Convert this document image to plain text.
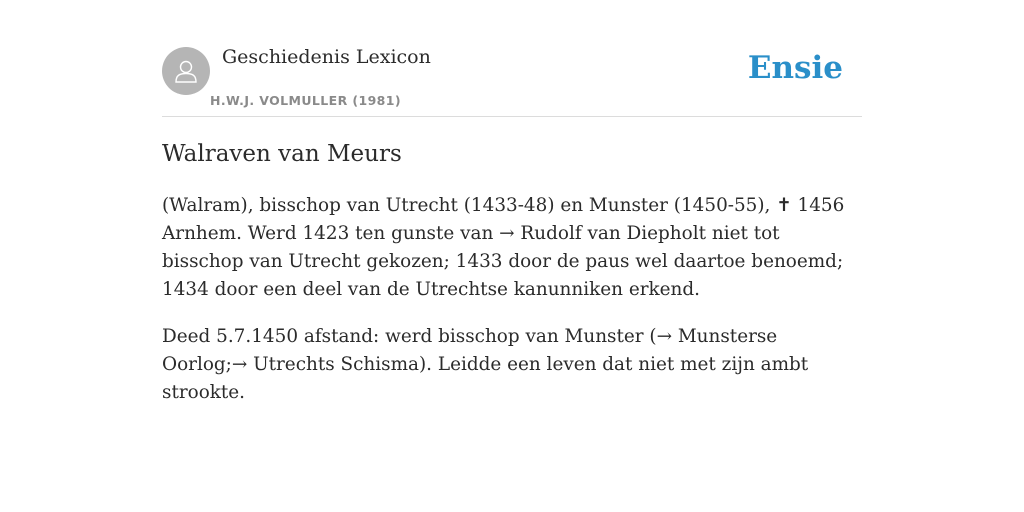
Geschiedenis Lexicon
H.W.J. VOLMULLER (1981)
Ensie
Walraven van Meurs

(Walram), bisschop van Utrecht (1433-48) en Munster (1450-55), ✝ 1456 Arnhem. Werd 1423 ten gunste van → Rudolf van Diepholt niet tot bisschop van Utrecht gekozen; 1433 door de paus wel daartoe benoemd; 1434 door een deel van de Utrechtse kanunniken erkend.

Deed 5.7.1450 afstand: werd bisschop van Munster (→ Munsterse Oorlog;→ Utrechts Schisma). Leidde een leven dat niet met zijn ambt strookte.
